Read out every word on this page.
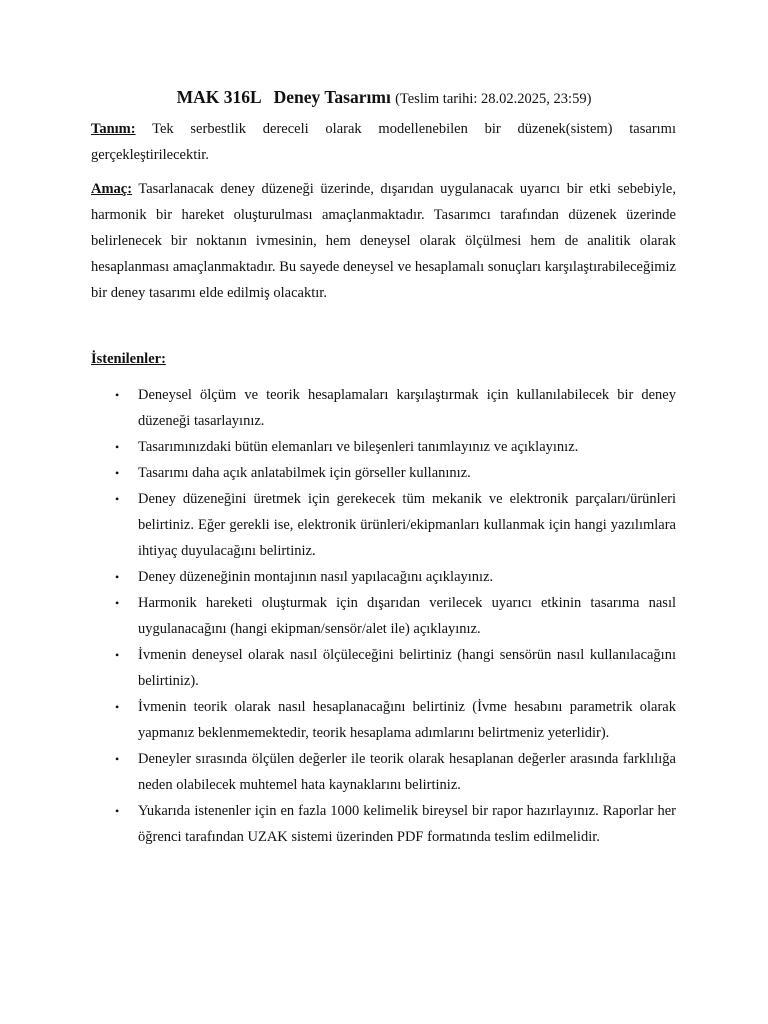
MAK 316L Deney Tasarımı (Teslim tarihi: 28.02.2025, 23:59)
Tanım: Tek serbestlik dereceli olarak modellenebilen bir düzenek(sistem) tasarımı gerçekleştirilecektir.
Amaç: Tasarlanacak deney düzeneği üzerinde, dışarıdan uygulanacak uyarıcı bir etki sebebiyle, harmonik bir hareket oluşturulması amaçlanmaktadır. Tasarımcı tarafından düzenek üzerinde belirlenecek bir noktanın ivmesinin, hem deneysel olarak ölçülmesi hem de analitik olarak hesaplanması amaçlanmaktadır. Bu sayede deneysel ve hesaplamalı sonuçları karşılaştırabileceğimiz bir deney tasarımı elde edilmiş olacaktır.
İstenilenler:
• Deneysel ölçüm ve teorik hesaplamaları karşılaştırmak için kullanılabilecek bir deney düzeneği tasarlayınız.
• Tasarımınızdaki bütün elemanları ve bileşenleri tanımlayınız ve açıklayınız.
• Tasarımı daha açık anlatabilmek için görseller kullanınız.
• Deney düzeneğini üretmek için gerekecek tüm mekanik ve elektronik parçaları/ürünleri belirtiniz. Eğer gerekli ise, elektronik ürünleri/ekipmanları kullanmak için hangi yazılımlara ihtiyaç duyulacağını belirtiniz.
• Deney düzeneğinin montajının nasıl yapılacağını açıklayınız.
• Harmonik hareketi oluşturmak için dışarıdan verilecek uyarıcı etkinin tasarıma nasıl uygulanacağını (hangi ekipman/sensör/alet ile) açıklayınız.
• İvmenin deneysel olarak nasıl ölçüleceğini belirtiniz (hangi sensörün nasıl kullanılacağını belirtiniz).
• İvmenin teorik olarak nasıl hesaplanacağını belirtiniz (İvme hesabını parametrik olarak yapmanız beklenmemektedir, teorik hesaplama adımlarını belirtmeniz yeterlidir).
• Deneyler sırasında ölçülen değerler ile teorik olarak hesaplanan değerler arasında farklılığa neden olabilecek muhtemel hata kaynaklarını belirtiniz.
• Yukarıda istenenler için en fazla 1000 kelimelik bireysel bir rapor hazırlayınız. Raporlar her öğrenci tarafından UZAK sistemi üzerinden PDF formatında teslim edilmelidir.
